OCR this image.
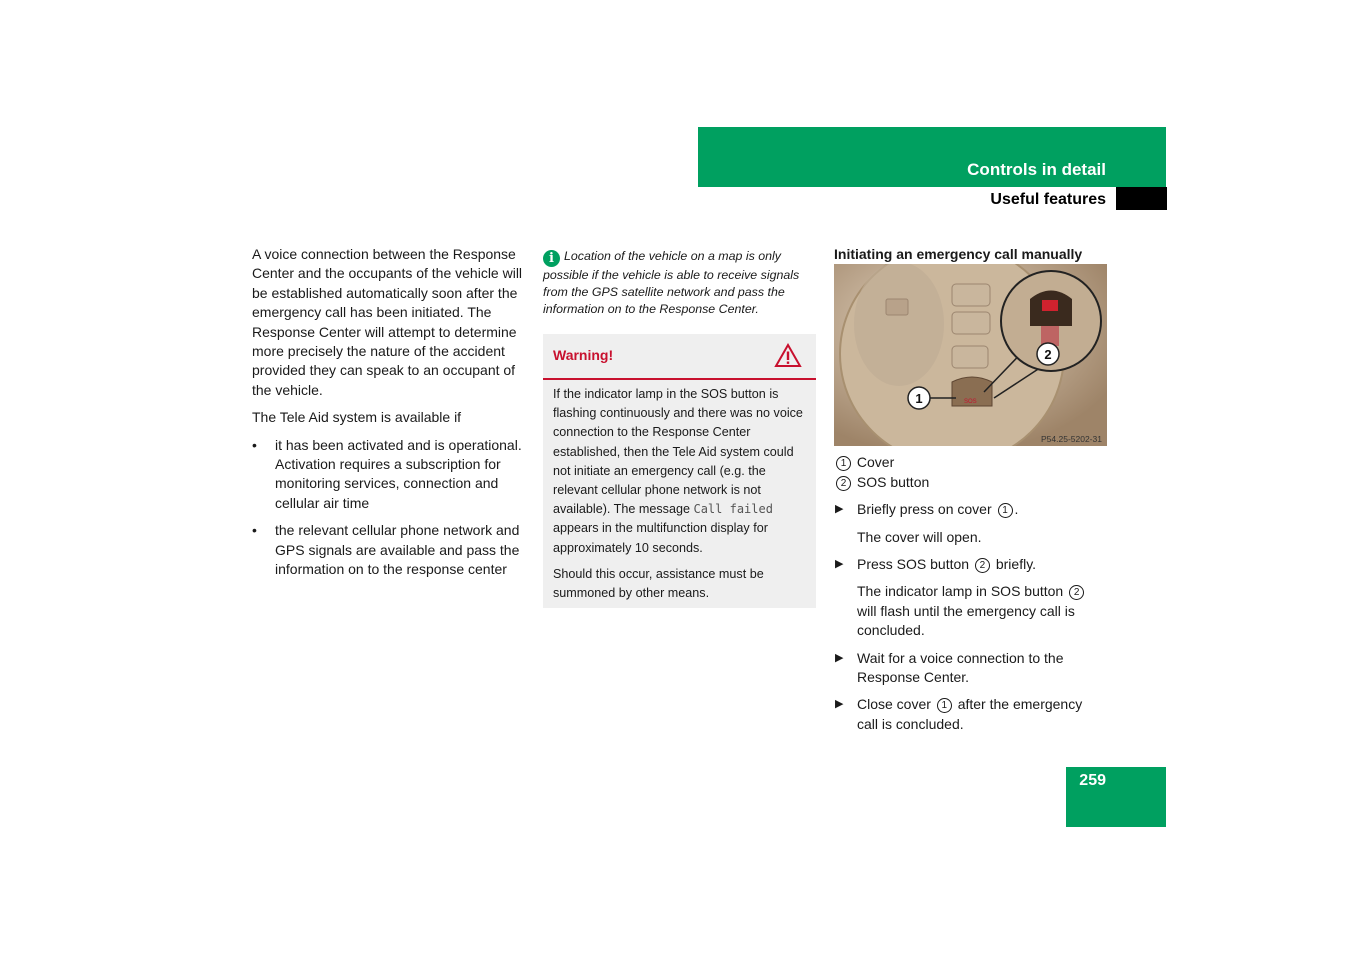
Controls in detail
Useful features

A voice connection between the Response Center and the occupants of the vehicle will be established automatically soon after the emergency call has been initiated. The Response Center will attempt to determine more precisely the nature of the accident provided they can speak to an occupant of the vehicle.

The Tele Aid system is available if

• it has been activated and is operational. Activation requires a subscription for monitoring services, connection and cellular air time
• the relevant cellular phone network and GPS signals are available and pass the information on to the response center
i Location of the vehicle on a map is only possible if the vehicle is able to receive signals from the GPS satellite network and pass the information on to the Response Center.
Warning!

If the indicator lamp in the SOS button is flashing continuously and there was no voice connection to the Response Center established, then the Tele Aid system could not initiate an emergency call (e.g. the relevant cellular phone network is not available). The message Call failed appears in the multifunction display for approximately 10 seconds.

Should this occur, assistance must be summoned by other means.

Initiating an emergency call manually

SOS
2
1
P54.25-5202-31
1 Cover
2 SOS button
▶ Briefly press on cover 1 .
The cover will open.
▶ Press SOS button 2 briefly.
The indicator lamp in SOS button 2 will flash until the emergency call is concluded.
▶ Wait for a voice connection to the Response Center.
▶ Close cover 1 after the emergency call is concluded.
259
